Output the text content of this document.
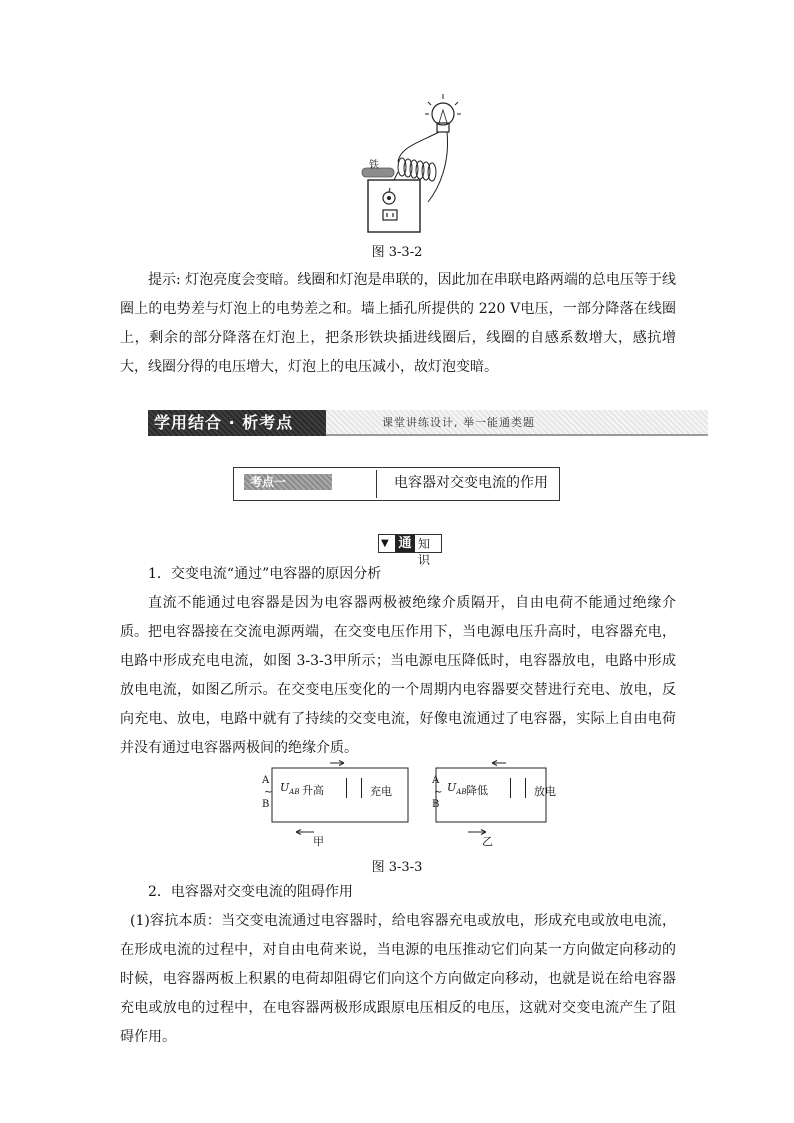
铁
图 3-3-2

提示: 灯泡亮度会变暗。线圈和灯泡是串联的，因此加在串联电路两端的总电压等于线圈上的电势差与灯泡上的电势差之和。墙上插孔所提供的 220 V电压，一部分降落在线圈上，剩余的部分降落在灯泡上，把条形铁块插进线圈后，线圈的自感系数增大，感抗增大，线圈分得的电压增大，灯泡上的电压减小，故灯泡变暗。

学用结合 · 析考点	课堂讲练设计, 举一能通类题
考点一	电容器对交变电流的作用
▼ 通 知识

1．交变电流“通过”电容器的原因分析

直流不能通过电容器是因为电容器两极被绝缘介质隔开，自由电荷不能通过绝缘介质。 把电容器接在交流电源两端，在交变电压作用下，当电源电压升高时，电容器充电，电路中形成充电电流，如图 3-3-3甲所示；当电源电压降低时，电容器放电，电路中形成放电电流，如图乙所示。在交变电压变化的一个周期内电容器要交替进行充电、放电，反向充电、放电，电路中就有了持续的交变电流，好像电流通过了电容器，实际上自由电荷并没有通过电容器两极间的绝缘介质。

A
∼
B
$U_{AB}$ 升高	充电
甲
A
∼
B
$U_{AB}$ 降低	放电
乙
图 3-3-3

2．电容器对交变电流的阻碍作用

(1)容抗本质：当交变电流通过电容器时，给电容器充电或放电，形成充电或放电电流，在形成电流的过程中，对自由电荷来说，当电源的电压推动它们向某一方向做定向移动的时候，电容器两板上积累的电荷却阻碍它们向这个方向做定向移动，也就是说在给电容器充电或放电的过程中，在电容器两极形成跟原电压相反的电压，这就对交变电流产生了阻碍作用。
